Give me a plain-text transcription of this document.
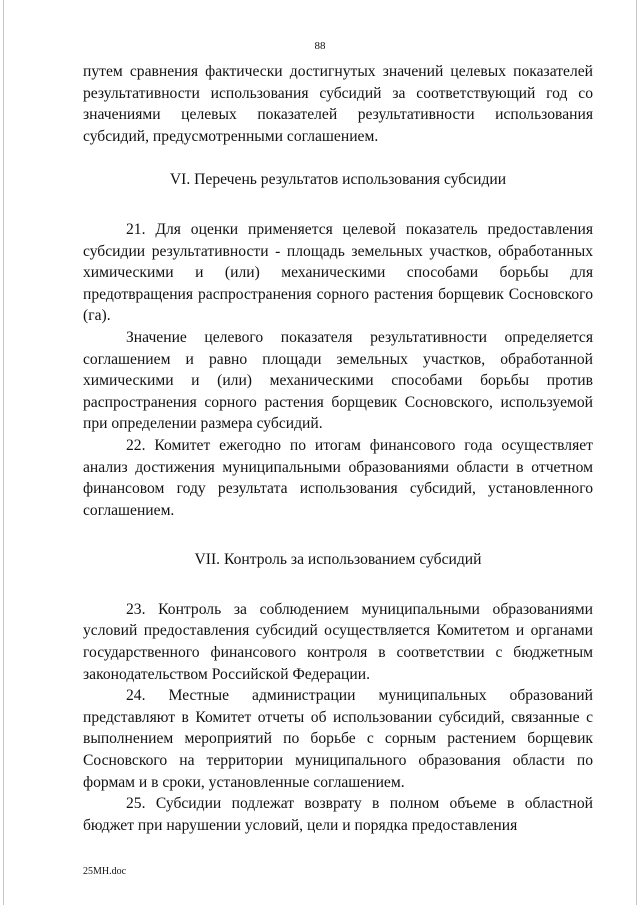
88

путем сравнения фактически достигнутых значений целевых показателей результативности использования субсидий за соответствующий год со значениями целевых показателей результативности использования субсидий, предусмотренными соглашением.

VI. Перечень результатов использования субсидии

21. Для оценки применяется целевой показатель предоставления субсидии результативности - площадь земельных участков, обработанных химическими и (или) механическими способами борьбы для предотвращения распространения сорного растения борщевик Сосновского (га).

Значение целевого показателя результативности определяется соглашением и равно площади земельных участков, обработанной химическими и (или) механическими способами борьбы против распространения сорного растения борщевик Сосновского, используемой при определении размера субсидий.

22. Комитет ежегодно по итогам финансового года осуществляет анализ достижения муниципальными образованиями области в отчетном финансовом году результата использования субсидий, установленного соглашением.

VII. Контроль за использованием субсидий

23. Контроль за соблюдением муниципальными образованиями условий предоставления субсидий осуществляется Комитетом и органами государственного финансового контроля в соответствии с бюджетным законодательством Российской Федерации.

24. Местные администрации муниципальных образований представляют в Комитет отчеты об использовании субсидий, связанные с выполнением мероприятий по борьбе с сорным растением борщевик Сосновского на территории муниципального образования области по формам и в сроки, установленные соглашением.

25. Субсидии подлежат возврату в полном объеме в областной бюджет при нарушении условий, цели и порядка предоставления

25МН.doc
